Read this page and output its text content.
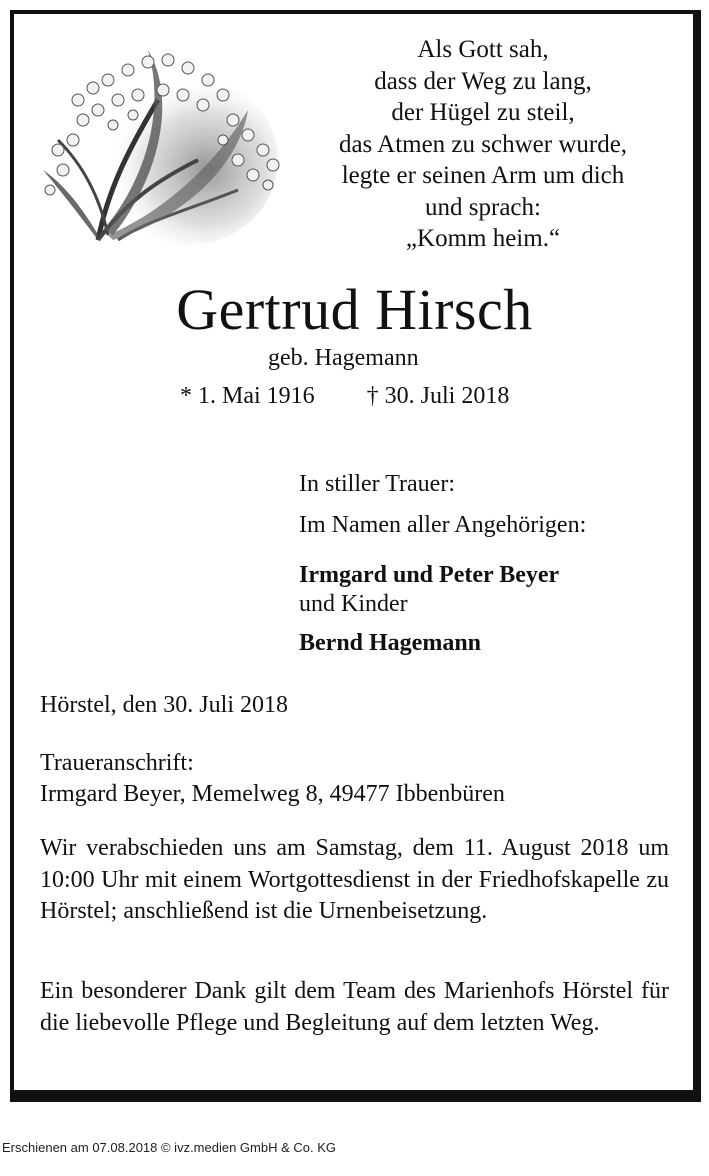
Als Gott sah,
dass der Weg zu lang,
der Hügel zu steil,
das Atmen zu schwer wurde,
legte er seinen Arm um dich
und sprach:
„Komm heim.“
Gertrud Hirsch
geb. Hagemann
* 1. Mai 1916 † 30. Juli 2018
In stiller Trauer:
Im Namen aller Angehörigen:
Irmgard und Peter Beyer
und Kinder
Bernd Hagemann
Hörstel, den 30. Juli 2018
Traueranschrift:
Irmgard Beyer, Memelweg 8, 49477 Ibbenbüren
Wir verabschieden uns am Samstag, dem 11. August 2018 um 10:00 Uhr mit einem Wortgottesdienst in der Friedhofskapelle zu Hörstel; anschließend ist die Urnenbeisetzung.
Ein besonderer Dank gilt dem Team des Marienhofs Hörstel für die liebevolle Pflege und Begleitung auf dem letzten Weg.
Erschienen am 07.08.2018 © ivz.medien GmbH & Co. KG
